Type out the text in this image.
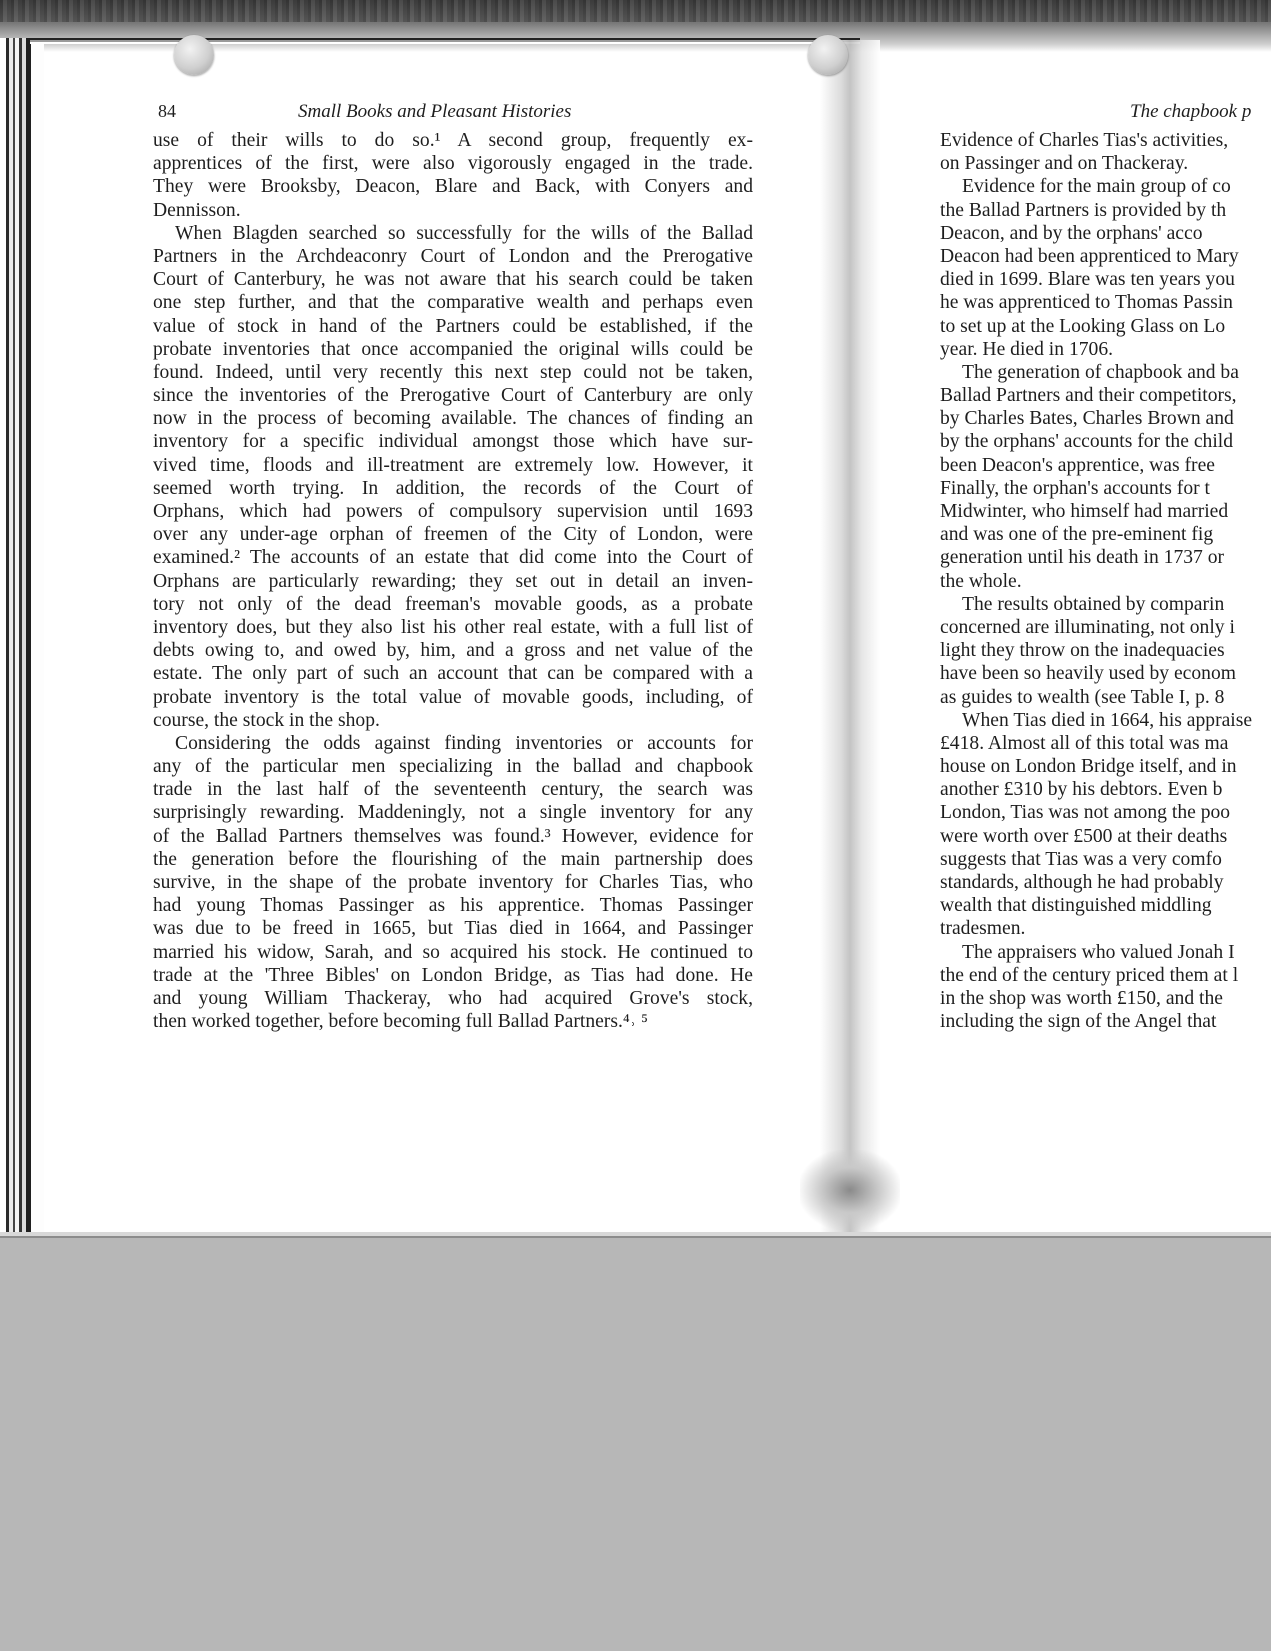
84	Small Books and Pleasant Histories
use of their wills to do so.¹ A second group, frequently ex-
apprentices of the first, were also vigorously engaged in the trade.
They were Brooksby, Deacon, Blare and Back, with Conyers and
Dennisson.
When Blagden searched so successfully for the wills of the Ballad
Partners in the Archdeaconry Court of London and the Prerogative
Court of Canterbury, he was not aware that his search could be taken
one step further, and that the comparative wealth and perhaps even
value of stock in hand of the Partners could be established, if the
probate inventories that once accompanied the original wills could be
found. Indeed, until very recently this next step could not be taken,
since the inventories of the Prerogative Court of Canterbury are only
now in the process of becoming available. The chances of finding an
inventory for a specific individual amongst those which have sur-
vived time, floods and ill-treatment are extremely low. However, it
seemed worth trying. In addition, the records of the Court of
Orphans, which had powers of compulsory supervision until 1693
over any under-age orphan of freemen of the City of London, were
examined.² The accounts of an estate that did come into the Court of
Orphans are particularly rewarding; they set out in detail an inven-
tory not only of the dead freeman's movable goods, as a probate
inventory does, but they also list his other real estate, with a full list of
debts owing to, and owed by, him, and a gross and net value of the
estate. The only part of such an account that can be compared with a
probate inventory is the total value of movable goods, including, of
course, the stock in the shop.
Considering the odds against finding inventories or accounts for
any of the particular men specializing in the ballad and chapbook
trade in the last half of the seventeenth century, the search was
surprisingly rewarding. Maddeningly, not a single inventory for any
of the Ballad Partners themselves was found.³ However, evidence for
the generation before the flourishing of the main partnership does
survive, in the shape of the probate inventory for Charles Tias, who
had young Thomas Passinger as his apprentice. Thomas Passinger
was due to be freed in 1665, but Tias died in 1664, and Passinger
married his widow, Sarah, and so acquired his stock. He continued to
trade at the 'Three Bibles' on London Bridge, as Tias had done. He
and young William Thackeray, who had acquired Grove's stock,
then worked together, before becoming full Ballad Partners.⁴˒ ⁵
The chapbook p
Evidence of Charles Tias's activities,
on Passinger and on Thackeray.
Evidence for the main group of co
the Ballad Partners is provided by th
Deacon, and by the orphans' acco
Deacon had been apprenticed to Mary
died in 1699. Blare was ten years you
he was apprenticed to Thomas Passin
to set up at the Looking Glass on Lo
year. He died in 1706.
The generation of chapbook and ba
Ballad Partners and their competitors,
by Charles Bates, Charles Brown and
by the orphans' accounts for the child
been Deacon's apprentice, was free
Finally, the orphan's accounts for t
Midwinter, who himself had married
and was one of the pre-eminent fig
generation until his death in 1737 or
the whole.
The results obtained by comparin
concerned are illuminating, not only i
light they throw on the inadequacies
have been so heavily used by econom
as guides to wealth (see Table I, p. 8
When Tias died in 1664, his appraise
£418. Almost all of this total was ma
house on London Bridge itself, and in
another £310 by his debtors. Even b
London, Tias was not among the poo
were worth over £500 at their deaths
suggests that Tias was a very comfo
standards, although he had probably
wealth that distinguished middling
tradesmen.
The appraisers who valued Jonah I
the end of the century priced them at l
in the shop was worth £150, and the
including the sign of the Angel that
